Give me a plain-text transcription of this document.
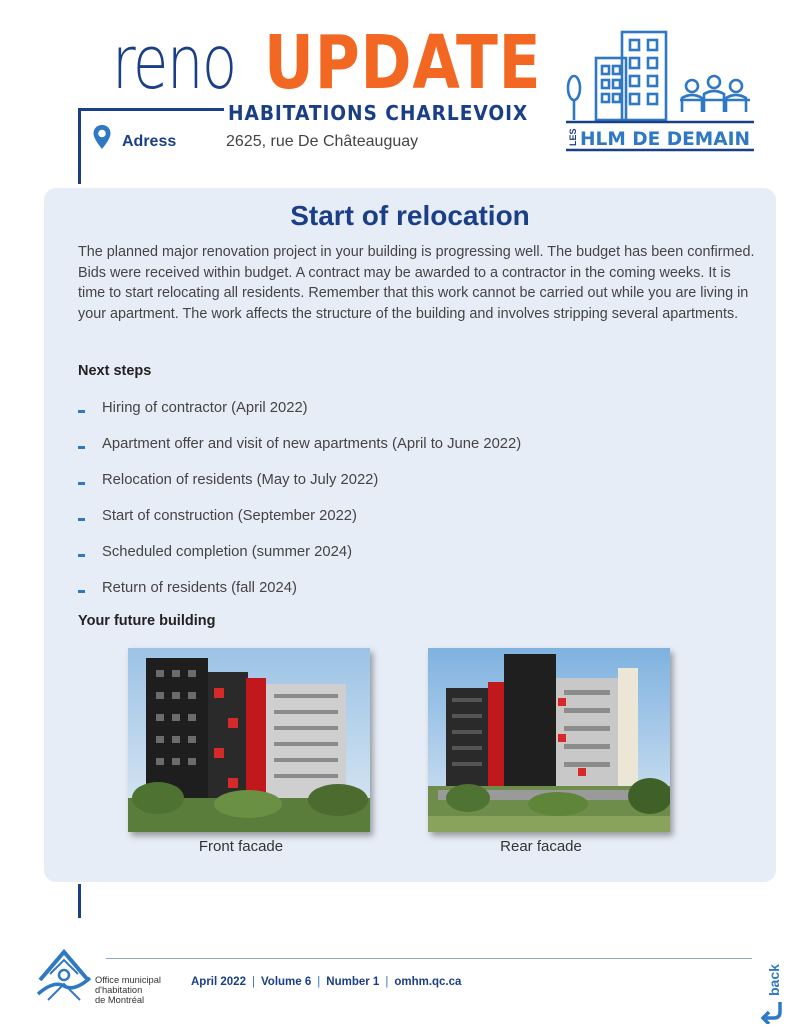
reno UPDATE
HABITATIONS CHARLEVOIX
Adress	2625, rue De Châteauguay	LES HLM DE DEMAIN
Start of relocation

The planned major renovation project in your building is progressing well. The budget has been confirmed. Bids were received within budget. A contract may be awarded to a contractor in the coming weeks. It is time to start relocating all residents. Remember that this work cannot be carried out while you are living in your apartment. The work affects the structure of the building and involves stripping several apartments.

Next steps

Hiring of contractor (April 2022)
Apartment offer and visit of new apartments (April to June 2022)
Relocation of residents (May to July 2022)
Start of construction (September 2022)
Scheduled completion (summer 2024)
Return of residents (fall 2024)

Your future building

Front facade	Rear facade
Office municipal
d'habitation
de Montréal
April 2022 | Volume 6 | Number 1 | omhm.qc.ca	back
